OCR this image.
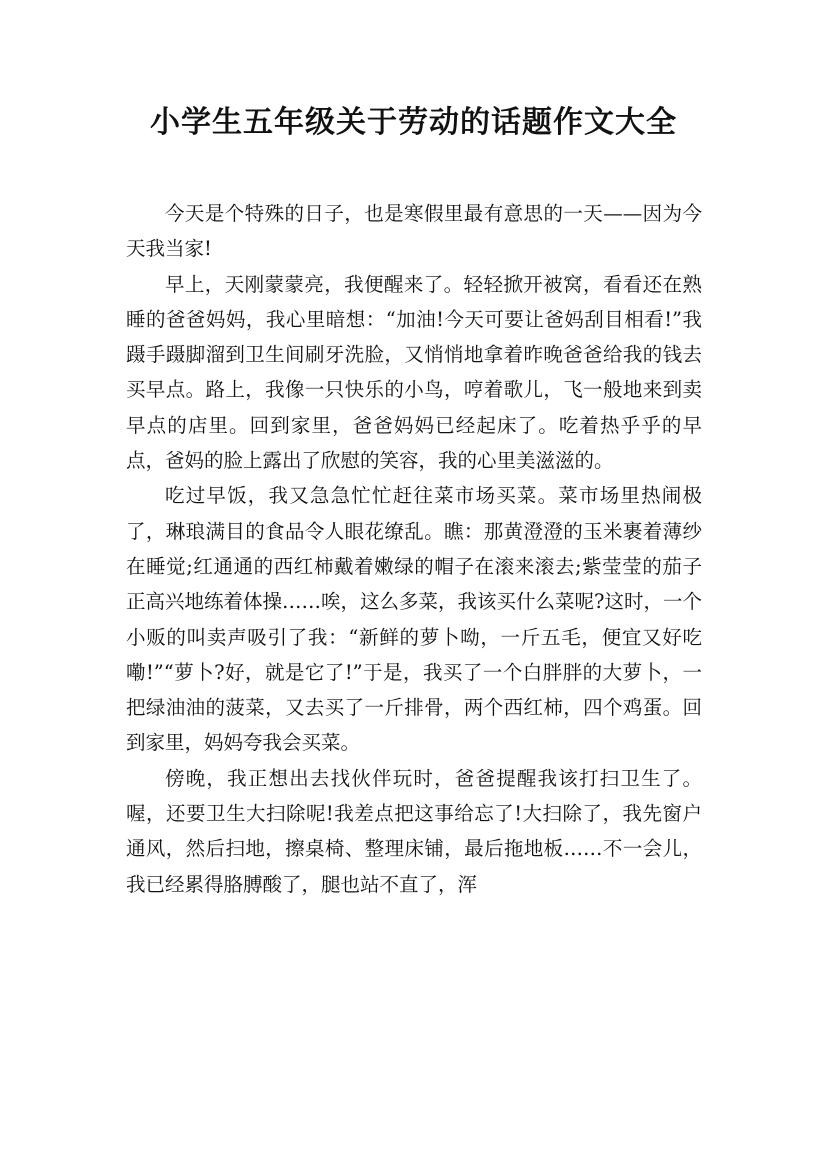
小学生五年级关于劳动的话题作文大全

今天是个特殊的日子，也是寒假里最有意思的一天——因为今天我当家!

早上，天刚蒙蒙亮，我便醒来了。轻轻掀开被窝，看看还在熟睡的爸爸妈妈，我心里暗想：“加油!今天可要让爸妈刮目相看!”我蹑手蹑脚溜到卫生间刷牙洗脸，又悄悄地拿着昨晚爸爸给我的钱去买早点。路上，我像一只快乐的小鸟，哼着歌儿，飞一般地来到卖早点的店里。回到家里，爸爸妈妈已经起床了。吃着热乎乎的早点，爸妈的脸上露出了欣慰的笑容，我的心里美滋滋的。

吃过早饭，我又急急忙忙赶往菜市场买菜。菜市场里热闹极了，琳琅满目的食品令人眼花缭乱。瞧：那黄澄澄的玉米裹着薄纱在睡觉;红通通的西红柿戴着嫩绿的帽子在滚来滚去;紫莹莹的茄子正高兴地练着体操……唉，这么多菜，我该买什么菜呢?这时，一个小贩的叫卖声吸引了我：“新鲜的萝卜呦，一斤五毛，便宜又好吃嘞!”“萝卜?好，就是它了!”于是，我买了一个白胖胖的大萝卜，一把绿油油的菠菜，又去买了一斤排骨，两个西红柿，四个鸡蛋。回到家里，妈妈夸我会买菜。

傍晚，我正想出去找伙伴玩时，爸爸提醒我该打扫卫生了。喔，还要卫生大扫除呢!我差点把这事给忘了!大扫除了，我先窗户通风，然后扫地，擦桌椅、整理床铺，最后拖地板……不一会儿，我已经累得胳膊酸了，腿也站不直了，浑
